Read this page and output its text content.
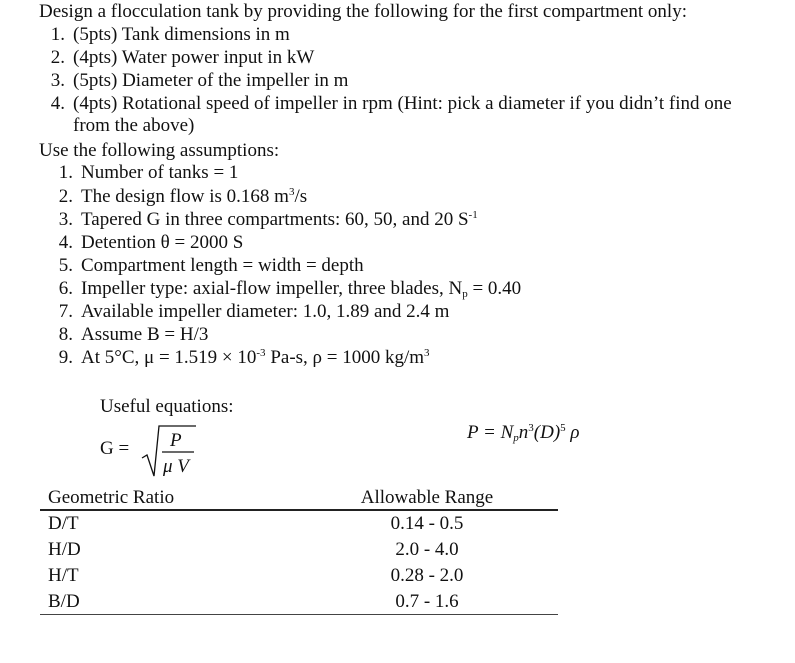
Design a flocculation tank by providing the following for the first compartment only:
1. (5pts) Tank dimensions in m
2. (4pts) Water power input in kW
3. (5pts) Diameter of the impeller in m
4. (4pts) Rotational speed of impeller in rpm (Hint: pick a diameter if you didn’t find one from the above)
Use the following assumptions:
1. Number of tanks = 1
2. The design flow is 0.168 $m^3/s$
3. Tapered G in three compartments: 60, 50, and 20 $S^{-1}$
4. Detention θ = 2000 S
5. Compartment length = width = depth
6. Impeller type: axial-flow impeller, three blades, $N_p = 0.40$
7. Available impeller diameter: 1.0, 1.89 and 2.4 m
8. Assume B = H/3
9. At 5°C, $\mu = 1.519 \times 10^{-3}$ Pa-s, ρ = 1000 $kg/m^3$
Useful equations:
G = P
μ V
$P = N_pn^3(D)^5$ ρ
Geometric Ratio	Allowable Range
D/T	0.14 - 0.5
H/D	2.0 - 4.0
H/T	0.28 - 2.0
B/D	0.7 - 1.6
